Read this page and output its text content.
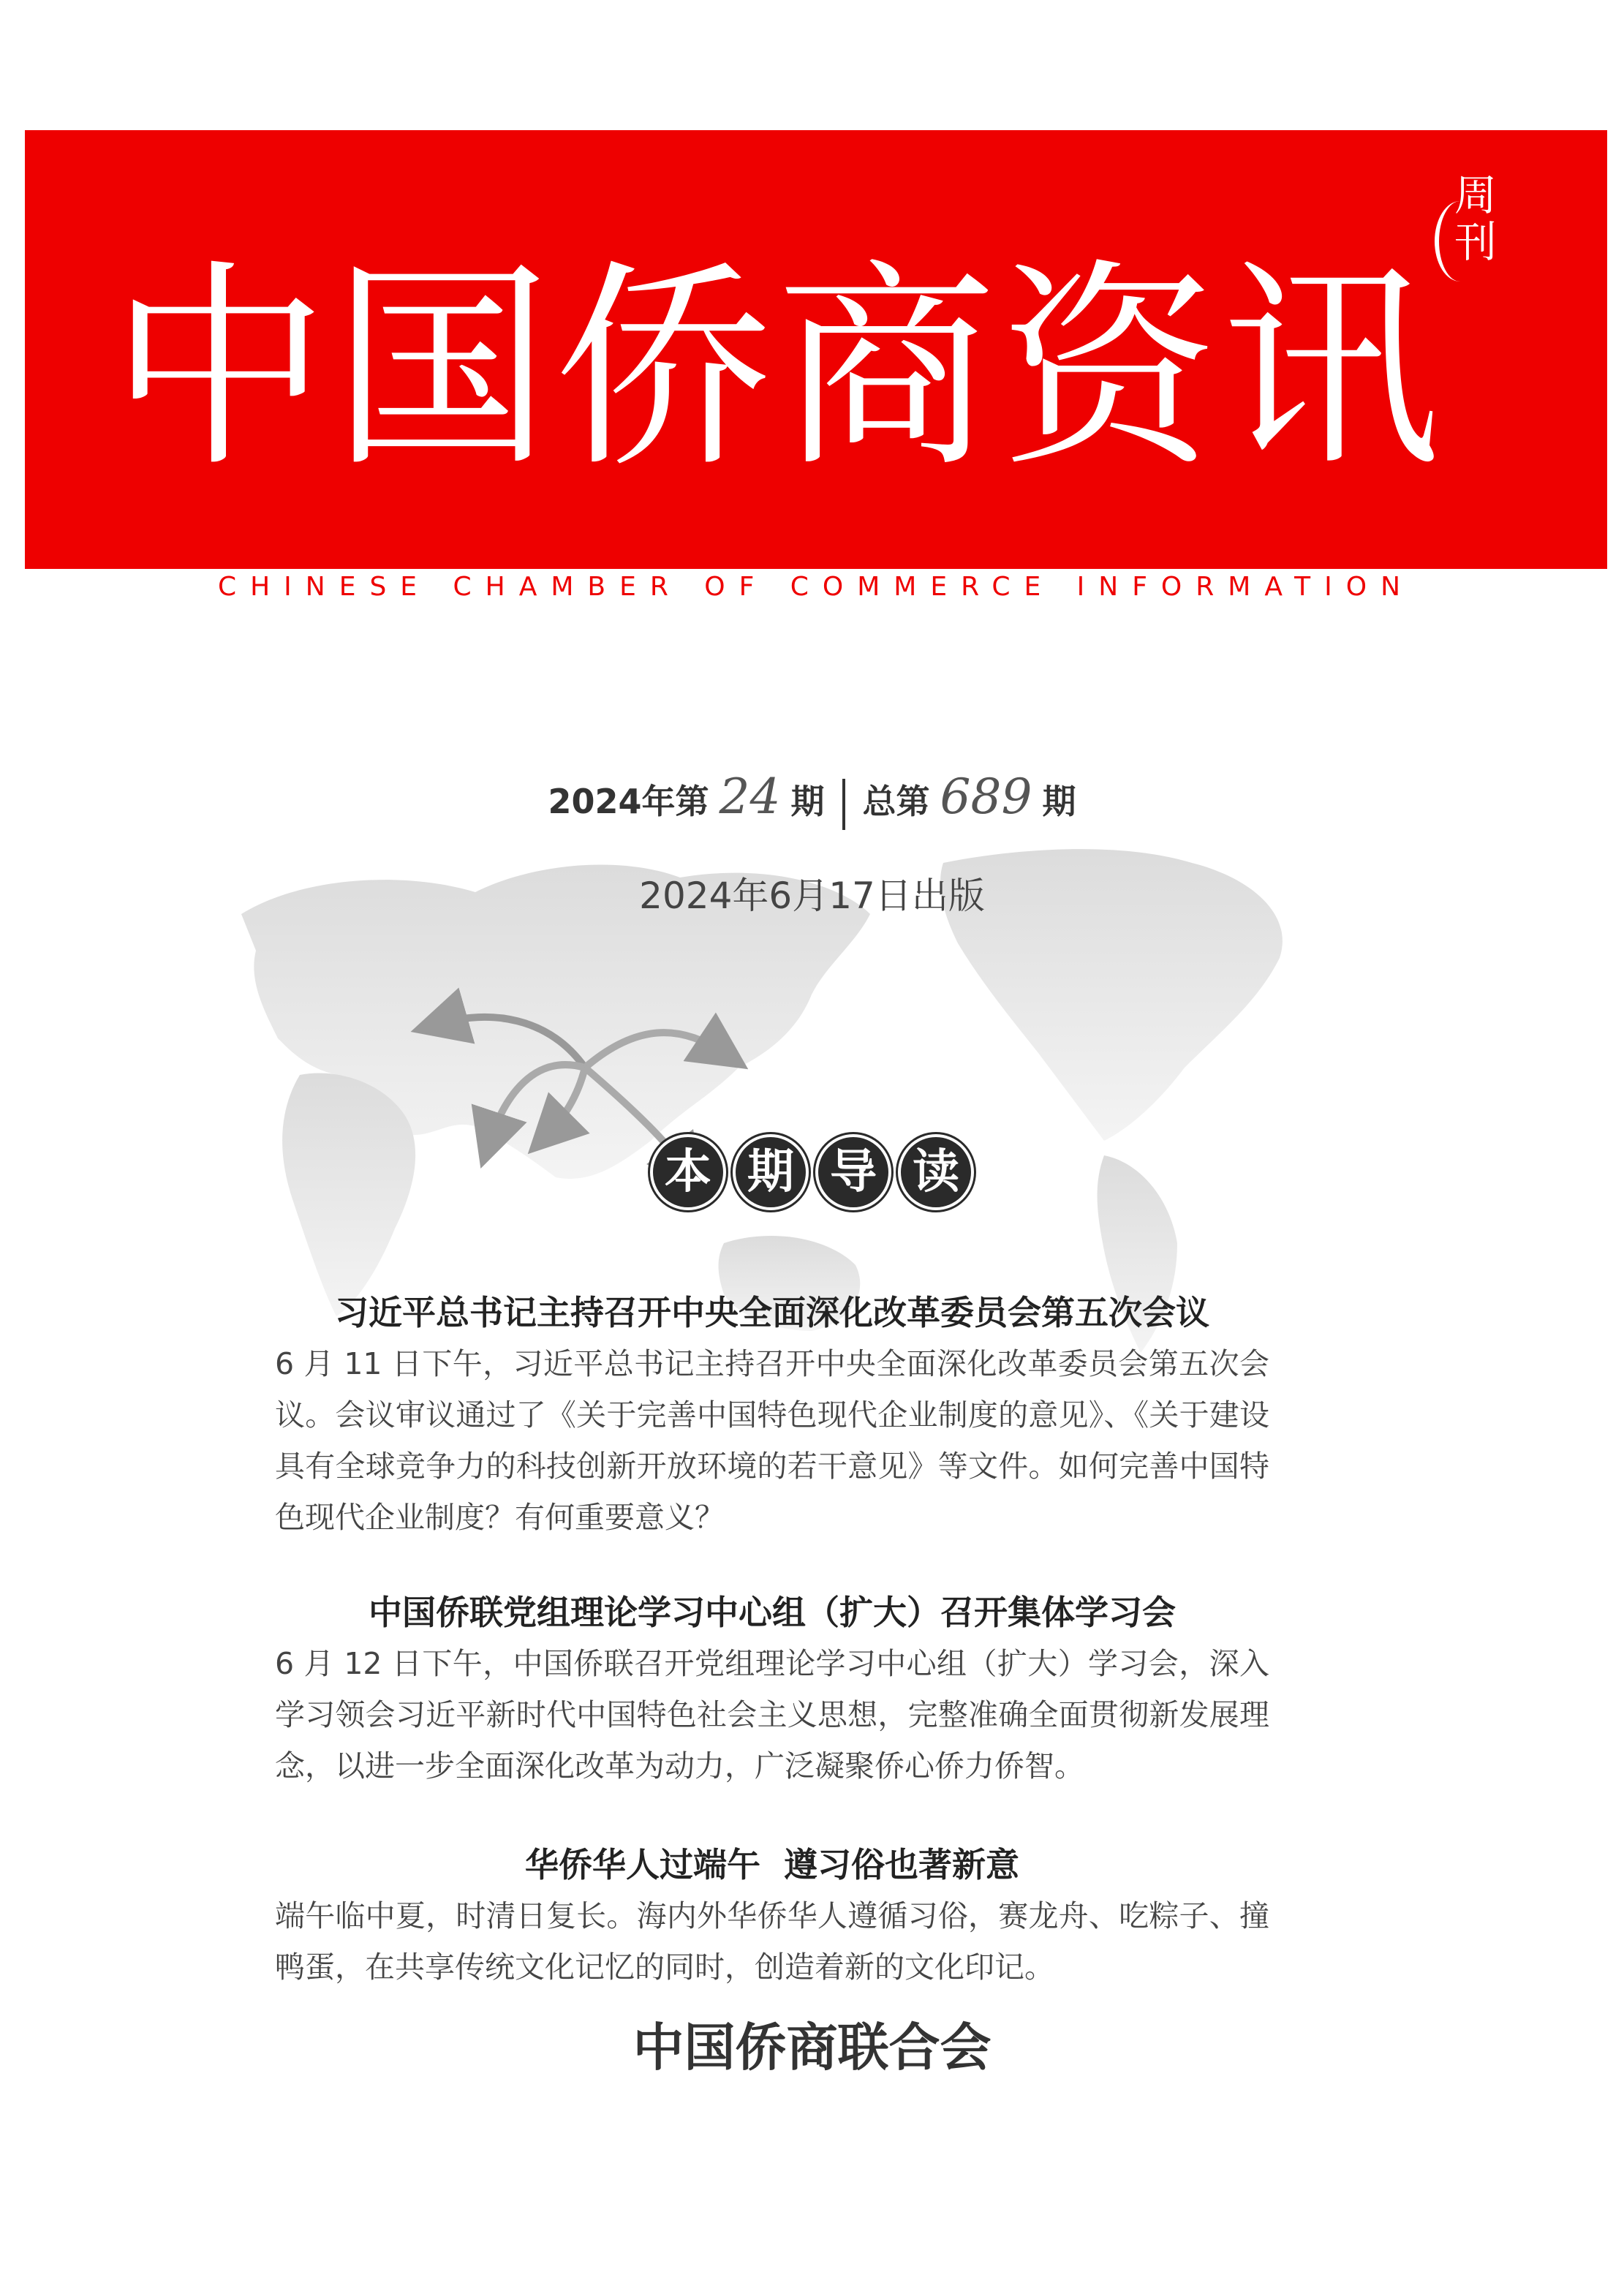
中国侨商资讯
周
刊
CHINESE CHAMBER OF COMMERCE INFORMATION
2024年第 24 期 总第 689 期
2024年6月17日出版
本 期 导 读
习近平总书记主持召开中央全面深化改革委员会第五次会议

6 月 11 日下午，习近平总书记主持召开中央全面深化改革委员会第五次会议。会议审议通过了《关于完善中国特色现代企业制度的意见》、《关于建设具有全球竞争力的科技创新开放环境的若干意见》等文件。如何完善中国特色现代企业制度？有何重要意义？

中国侨联党组理论学习中心组（扩大）召开集体学习会

6 月 12 日下午，中国侨联召开党组理论学习中心组（扩大）学习会，深入学习领会习近平新时代中国特色社会主义思想，完整准确全面贯彻新发展理念，以进一步全面深化改革为动力，广泛凝聚侨心侨力侨智。

华侨华人过端午  遵习俗也著新意

端午临中夏，时清日复长。海内外华侨华人遵循习俗，赛龙舟、吃粽子、撞鸭蛋，在共享传统文化记忆的同时，创造着新的文化印记。

中国侨商联合会
